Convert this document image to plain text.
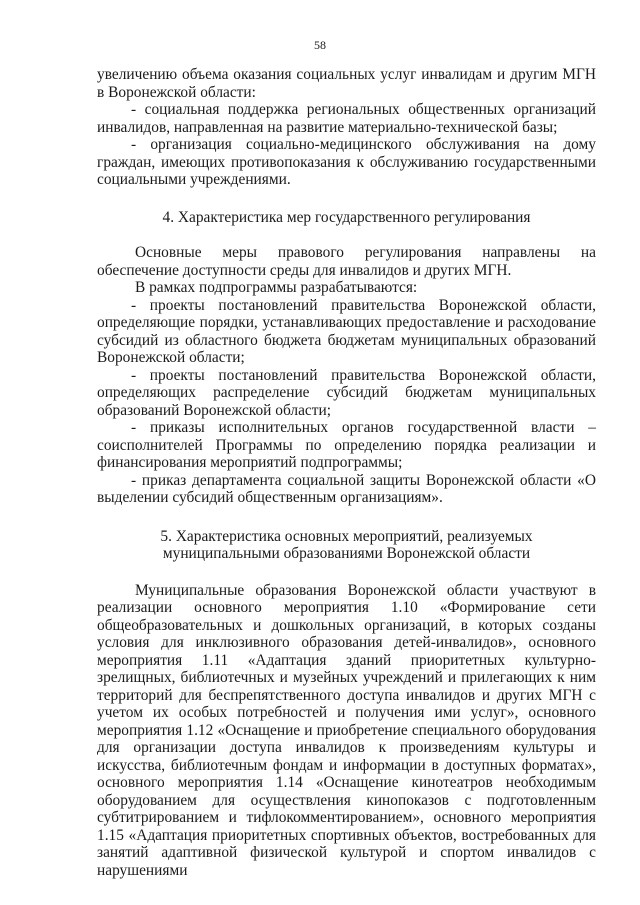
58

увеличению объема оказания социальных услуг инвалидам и другим МГН в Воронежской области:

- социальная поддержка региональных общественных организаций инвалидов, направленная на развитие материально-технической базы;

- организация социально-медицинского обслуживания на дому граждан, имеющих противопоказания к обслуживанию государственными социальными учреждениями.

4. Характеристика мер государственного регулирования

Основные меры правового регулирования направлены на обеспечение доступности среды для инвалидов и других МГН.

В рамках подпрограммы разрабатываются:

- проекты постановлений правительства Воронежской области, определяющие порядки, устанавливающих предоставление и расходование субсидий из областного бюджета бюджетам муниципальных образований Воронежской области;

- проекты постановлений правительства Воронежской области, определяющих распределение субсидий бюджетам муниципальных образований Воронежской области;

- приказы исполнительных органов государственной власти – соисполнителей Программы по определению порядка реализации и финансирования мероприятий подпрограммы;

- приказ департамента социальной защиты Воронежской области «О выделении субсидий общественным организациям».

5. Характеристика основных мероприятий, реализуемых
муниципальными образованиями Воронежской области

Муниципальные образования Воронежской области участвуют в реализации основного мероприятия 1.10 «Формирование сети общеобразовательных и дошкольных организаций, в которых созданы условия для инклюзивного образования детей-инвалидов», основного мероприятия 1.11 «Адаптация зданий приоритетных культурно-зрелищных, библиотечных и музейных учреждений и прилегающих к ним территорий для беспрепятственного доступа инвалидов и других МГН с учетом их особых потребностей и получения ими услуг», основного мероприятия 1.12 «Оснащение и приобретение специального оборудования для организации доступа инвалидов к произведениям культуры и искусства, библиотечным фондам и информации в доступных форматах», основного мероприятия 1.14 «Оснащение кинотеатров необходимым оборудованием для осуществления кинопоказов с подготовленным субтитрированием и тифлокомментированием», основного мероприятия 1.15 «Адаптация приоритетных спортивных объектов, востребованных для занятий адаптивной физической культурой и спортом инвалидов с нарушениями
